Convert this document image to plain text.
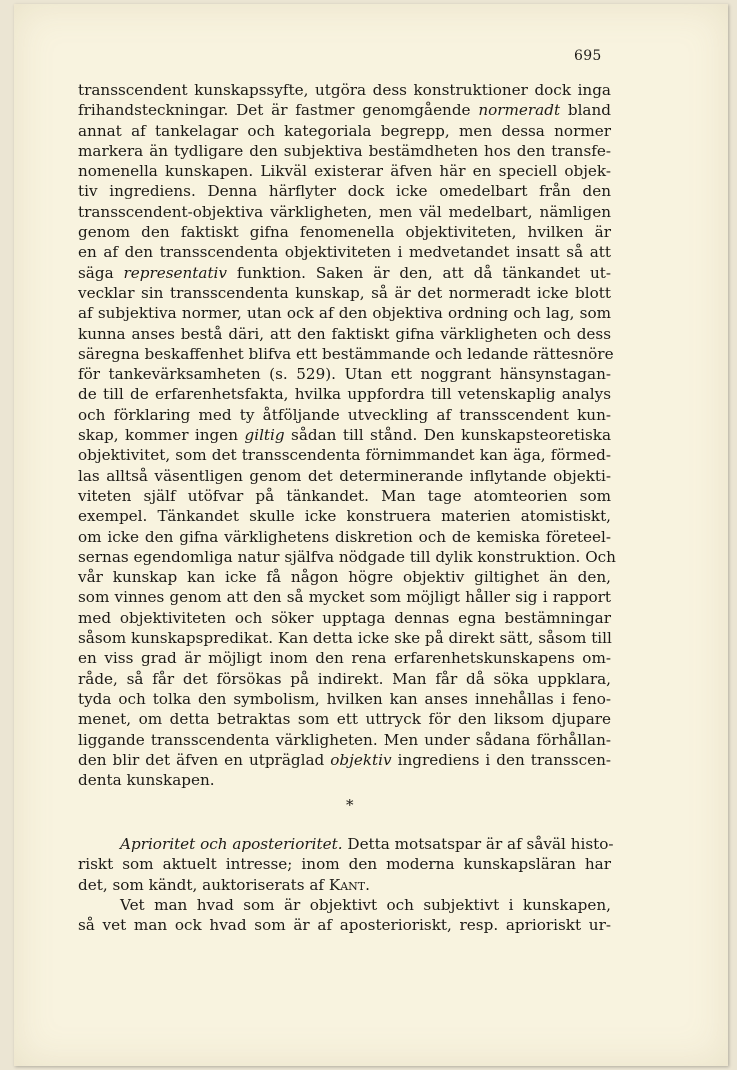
695
transscendent kunskapssyfte, utgöra dess konstruktioner dock inga
frihandsteckningar. Det är fastmer genomgående normeradt bland
annat af tankelagar och kategoriala begrepp, men dessa normer
markera än tydligare den subjektiva bestämdheten hos den transfe-
nomenella kunskapen. Likväl existerar äfven här en speciell objek-
tiv ingrediens. Denna härflyter dock icke omedelbart från den
transscendent-objektiva värkligheten, men väl medelbart, nämligen
genom den faktiskt gifna fenomenella objektiviteten, hvilken är
en af den transscendenta objektiviteten i medvetandet insatt så att
säga representativ funktion. Saken är den, att då tänkandet ut-
vecklar sin transscendenta kunskap, så är det normeradt icke blott
af subjektiva normer, utan ock af den objektiva ordning och lag, som
kunna anses bestå däri, att den faktiskt gifna värkligheten och dess
säregna beskaffenhet blifva ett bestämmande och ledande rättesnöre
för tankevärksamheten (s. 529). Utan ett noggrant hänsynstagan-
de till de erfarenhetsfakta, hvilka uppfordra till vetenskaplig analys
och förklaring med ty åtföljande utveckling af transscendent kun-
skap, kommer ingen giltig sådan till stånd. Den kunskapsteoretiska
objektivitet, som det transscendenta förnimmandet kan äga, förmed-
las alltså väsentligen genom det determinerande inflytande objekti-
viteten själf utöfvar på tänkandet. Man tage atomteorien som
exempel. Tänkandet skulle icke konstruera materien atomistiskt,
om icke den gifna värklighetens diskretion och de kemiska företeel-
sernas egendomliga natur själfva nödgade till dylik konstruktion. Och
vår kunskap kan icke få någon högre objektiv giltighet än den,
som vinnes genom att den så mycket som möjligt håller sig i rapport
med objektiviteten och söker upptaga dennas egna bestämningar
såsom kunskapspredikat. Kan detta icke ske på direkt sätt, såsom till
en viss grad är möjligt inom den rena erfarenhetskunskapens om-
råde, så får det försökas på indirekt. Man får då söka uppklara,
tyda och tolka den symbolism, hvilken kan anses innehållas i feno-
menet, om detta betraktas som ett uttryck för den liksom djupare
liggande transscendenta värkligheten. Men under sådana förhållan-
den blir det äfven en utpräglad objektiv ingrediens i den transscen-
denta kunskapen.
*
Aprioritet och aposterioritet. Detta motsatspar är af såväl histo-
riskt som aktuelt intresse; inom den moderna kunskapsläran har
det, som kändt, auktoriserats af Kant.
Vet man hvad som är objektivt och subjektivt i kunskapen,
så vet man ock hvad som är af aposterioriskt, resp. aprioriskt ur-
